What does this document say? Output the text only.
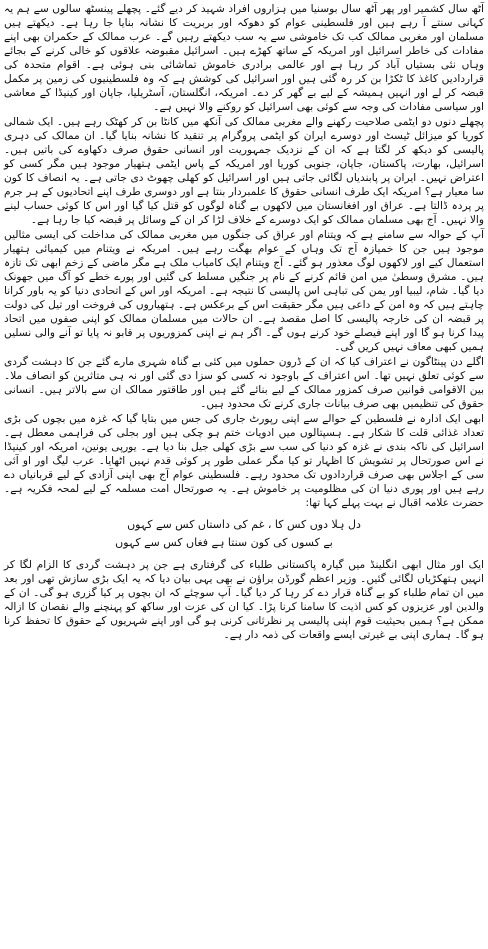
آٹھ سال کشمیر اور پھر آٹھ سال بوسنیا میں ہزاروں افراد شہید کر دیے گئے۔ پچھلے پینسٹھ سالوں سے ہم یہ کہانی سنتے آ رہے ہیں اور فلسطینی عوام کو دھوکہ اور بربریت کا نشانہ بنایا جا رہا ہے۔ دیکھتے ہیں مسلمان اور مغربی ممالک کب تک خاموشی سے یہ سب دیکھتے رہیں گے۔ عرب ممالک کے حکمران بھی اپنے مفادات کی خاطر اسرائیل اور امریکہ کے ساتھ کھڑے ہیں۔ اسرائیل مقبوضہ علاقوں کو خالی کرنے کے بجائے وہاں نئی بستیاں آباد کر رہا ہے اور عالمی برادری خاموش تماشائی بنی ہوئی ہے۔ اقوام متحدہ کی قراردادیں کاغذ کا ٹکڑا بن کر رہ گئی ہیں اور اسرائیل کی کوشش ہے کہ وہ فلسطینیوں کی زمین پر مکمل قبضہ کر لے اور انہیں ہمیشہ کے لیے بے گھر کر دے۔ امریکہ، انگلستان، آسٹریلیا، جاپان اور کینیڈا کے معاشی اور سیاسی مفادات کی وجہ سے کوئی بھی اسرائیل کو روکنے والا نہیں ہے۔

پچھلے دنوں دو ایٹمی صلاحیت رکھنے والے مغربی ممالک کی آنکھ میں کانٹا بن کر کھٹک رہے ہیں۔ ایک شمالی کوریا کو میزائل ٹیسٹ اور دوسرے ایران کو ایٹمی پروگرام پر تنقید کا نشانہ بنایا گیا۔ ان ممالک کی دہری پالیسی کو دیکھ کر لگتا ہے کہ ان کے نزدیک جمہوریت اور انسانی حقوق صرف دکھاوے کی باتیں ہیں۔ اسرائیل، بھارت، پاکستان، جاپان، جنوبی کوریا اور امریکہ کے پاس ایٹمی ہتھیار موجود ہیں مگر کسی کو اعتراض نہیں۔ ایران پر پابندیاں لگائی جاتی ہیں اور اسرائیل کو کھلی چھوٹ دی جاتی ہے۔ یہ انصاف کا کون سا معیار ہے؟ امریکہ ایک طرف انسانی حقوق کا علمبردار بنتا ہے اور دوسری طرف اپنے اتحادیوں کے ہر جرم پر پردہ ڈالتا ہے۔ عراق اور افغانستان میں لاکھوں بے گناہ لوگوں کو قتل کیا گیا اور اس کا کوئی حساب لینے والا نہیں۔ آج بھی مسلمان ممالک کو ایک دوسرے کے خلاف لڑا کر ان کے وسائل پر قبضہ کیا جا رہا ہے۔

آپ کے حوالہ سے سامنے ہے کہ ویتنام اور عراق کی جنگوں میں مغربی ممالک کی مداخلت کی ایسی مثالیں موجود ہیں جن کا خمیازہ آج تک وہاں کے عوام بھگت رہے ہیں۔ امریکہ نے ویتنام میں کیمیائی ہتھیار استعمال کیے اور لاکھوں لوگ معذور ہو گئے۔ آج ویتنام ایک کامیاب ملک ہے مگر ماضی کے زخم ابھی تک تازہ ہیں۔ مشرق وسطیٰ میں امن قائم کرنے کے نام پر جنگیں مسلط کی گئیں اور پورے خطے کو آگ میں جھونک دیا گیا۔ شام، لیبیا اور یمن کی تباہی اس پالیسی کا نتیجہ ہے۔ امریکہ اور اس کے اتحادی دنیا کو یہ باور کرانا چاہتے ہیں کہ وہ امن کے داعی ہیں مگر حقیقت اس کے برعکس ہے۔ ہتھیاروں کی فروخت اور تیل کی دولت پر قبضہ ان کی خارجہ پالیسی کا اصل مقصد ہے۔ ان حالات میں مسلمان ممالک کو اپنی صفوں میں اتحاد پیدا کرنا ہو گا اور اپنے فیصلے خود کرنے ہوں گے۔ اگر ہم نے اپنی کمزوریوں پر قابو نہ پایا تو آنے والی نسلیں ہمیں کبھی معاف نہیں کریں گی۔

اگلے دن پینٹاگون نے اعتراف کیا کہ ان کے ڈرون حملوں میں کئی بے گناہ شہری مارے گئے جن کا دہشت گردی سے کوئی تعلق نہیں تھا۔ اس اعتراف کے باوجود نہ کسی کو سزا دی گئی اور نہ ہی متاثرین کو انصاف ملا۔ بین الاقوامی قوانین صرف کمزور ممالک کے لیے بنائے گئے ہیں اور طاقتور ممالک ان سے بالاتر ہیں۔ انسانی حقوق کی تنظیمیں بھی صرف بیانات جاری کرنے تک محدود ہیں۔

ابھی ایک ادارہ نے فلسطین کے حوالے سے اپنی رپورٹ جاری کی جس میں بتایا گیا کہ غزہ میں بچوں کی بڑی تعداد غذائی قلت کا شکار ہے۔ ہسپتالوں میں ادویات ختم ہو چکی ہیں اور بجلی کی فراہمی معطل ہے۔ اسرائیل کی ناکہ بندی نے غزہ کو دنیا کی سب سے بڑی کھلی جیل بنا دیا ہے۔ یورپی یونین، امریکہ اور کینیڈا نے اس صورتحال پر تشویش کا اظہار تو کیا مگر عملی طور پر کوئی قدم نہیں اٹھایا۔ عرب لیگ اور او آئی سی کے اجلاس بھی صرف قراردادوں تک محدود رہے۔ فلسطینی عوام آج بھی اپنی آزادی کے لیے قربانیاں دے رہے ہیں اور پوری دنیا ان کی مظلومیت پر خاموش ہے۔ یہ صورتحال امت مسلمہ کے لیے لمحہ فکریہ ہے۔ حضرت علامہ اقبال نے بہت پہلے کہا تھا:

دل ہلا دوں کس کا ، غم کی داستاں کس سے کہوں
بے کسوں کی کون سنتا ہے فغاں کس سے کہوں

ایک اور مثال ابھی انگلینڈ میں گیارہ پاکستانی طلباء کی گرفتاری ہے جن پر دہشت گردی کا الزام لگا کر انہیں ہتھکڑیاں لگائی گئیں۔ وزیر اعظم گورڈن براؤن نے بھی یہی بیان دیا کہ یہ ایک بڑی سازش تھی اور بعد میں ان تمام طلباء کو بے گناہ قرار دے کر رہا کر دیا گیا۔ آپ سوچئے کہ ان بچوں پر کیا گزری ہو گی۔ ان کے والدین اور عزیزوں کو کس اذیت کا سامنا کرنا پڑا۔ کیا ان کی عزت اور ساکھ کو پہنچنے والے نقصان کا ازالہ ممکن ہے؟ ہمیں بحیثیت قوم اپنی پالیسی پر نظرثانی کرنی ہو گی اور اپنے شہریوں کے حقوق کا تحفظ کرنا ہو گا۔ ہماری اپنی بے غیرتی ایسے واقعات کی ذمہ دار ہے۔
